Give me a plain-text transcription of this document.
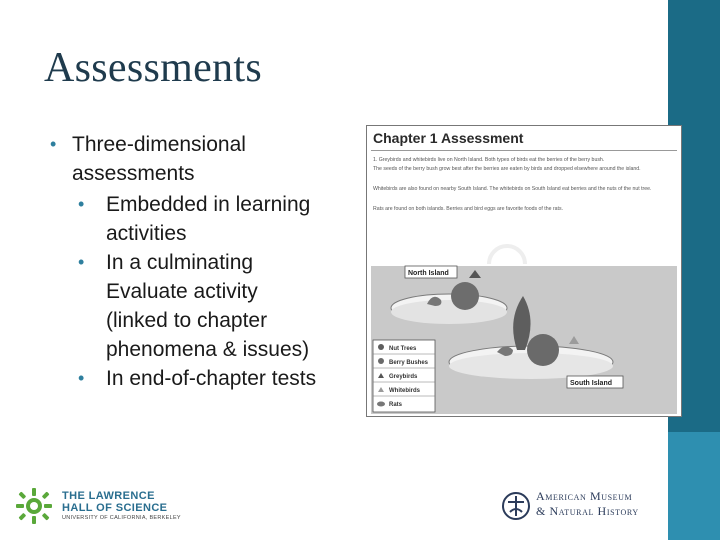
Assessments
• Three-dimensional
assessments
• Embedded in learning
activities
• In a culminating
Evaluate activity
(linked to chapter
phenomena & issues)
• In end-of-chapter tests
Chapter 1 Assessment
1. Greybirds and whitebirds live on North Island. Both types of birds eat the berries of the berry bush.
The seeds of the berry bush grow best after the berries are eaten by birds and dropped elsewhere around the island.
Whitebirds are also found on nearby South Island. The whitebirds on South Island eat berries and the nuts of the nut tree.
Rats are found on both islands. Berries and bird eggs are favorite foods of the rats.
North Island
South Island
Nut Trees
Berry Bushes
Greybirds
Whitebirds
Rats
THE LAWRENCE
HALL OF SCIENCE
UNIVERSITY OF CALIFORNIA, BERKELEY
American Museum
& Natural History
